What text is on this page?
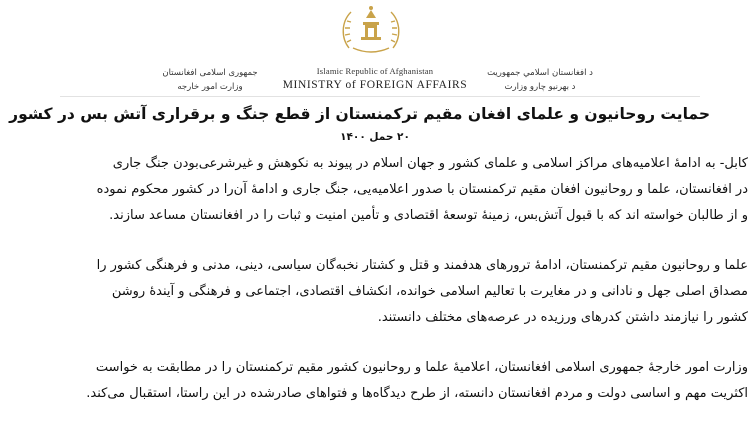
جمهوری اسلامی افغانستان
وزارت امور خارجه
Islamic Republic of Afghanistan
MINISTRY of FOREIGN AFFAIRS
د افغانستان اسلامي جمهوریت
د بهرنیو چارو وزارت
حمایت روحانیون و علمای افغان مقیم ترکمنستان از قطع جنگ و برقراری آتش بس در کشور
۲۰ حمل ۱۴۰۰
کابل- به ادامهٔ اعلامیه‌های مراکز اسلامی و علمای کشور و جهان اسلام در پیوند به نکوهش و غیرشرعی‌بودن جنگ جاری
در افغانستان، علما و روحانیون افغان مقیم ترکمنستان با صدور اعلامیه‌یی، جنگ جاری و ادامهٔ آن‌را در کشور محکوم نموده
و از طالبان خواسته اند که با قبول آتش‌بس، زمینهٔ توسعهٔ اقتصادی و تأمین امنیت و ثبات را در افغانستان مساعد سازند.
علما و روحانیون مقیم ترکمنستان، ادامهٔ ترورهای هدفمند و قتل و کشتار نخبه‌گان سیاسی، دینی، مدنی و فرهنگی کشور را
مصداق اصلی جهل و نادانی و در مغایرت با تعالیم اسلامی خوانده، انکشاف اقتصادی، اجتماعی و فرهنگی و آیندهٔ روشن
کشور را نیازمند داشتن کدرهای ورزیده در عرصه‌های مختلف دانستند.
وزارت امور خارجهٔ جمهوری اسلامی افغانستان، اعلامیهٔ علما و روحانیون کشور مقیم ترکمنستان را در مطابقت به خواست
اکثریت مهم و اساسی دولت و مردم افغانستان دانسته، از طرح دیدگاه‌ها و فتواهای صادرشده در این راستا، استقبال می‌کند.
